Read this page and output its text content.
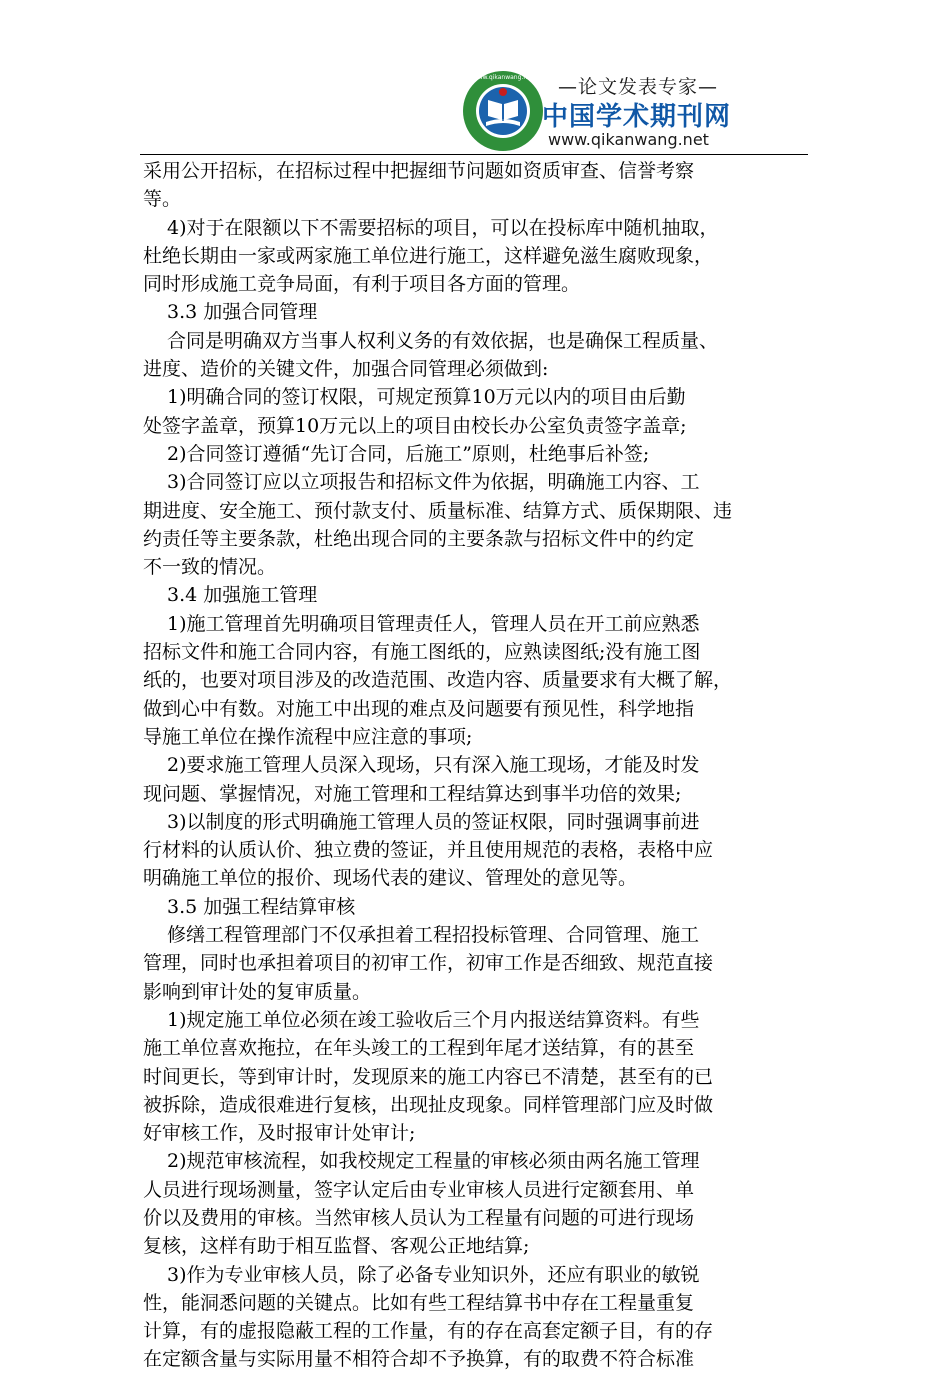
www.qikanwang.net —论文发表专家—
中国学术期刊网
www.qikanwang.net
采用公开招标，在招标过程中把握细节问题如资质审查、信誉考察
等。
4)对于在限额以下不需要招标的项目，可以在投标库中随机抽取，
杜绝长期由一家或两家施工单位进行施工，这样避免滋生腐败现象，
同时形成施工竞争局面，有利于项目各方面的管理。
3.3 加强合同管理
合同是明确双方当事人权利义务的有效依据，也是确保工程质量、
进度、造价的关键文件，加强合同管理必须做到:
1)明确合同的签订权限，可规定预算10万元以内的项目由后勤
处签字盖章，预算10万元以上的项目由校长办公室负责签字盖章;
2)合同签订遵循“先订合同，后施工”原则，杜绝事后补签;
3)合同签订应以立项报告和招标文件为依据，明确施工内容、工
期进度、安全施工、预付款支付、质量标准、结算方式、质保期限、违
约责任等主要条款，杜绝出现合同的主要条款与招标文件中的约定
不一致的情况。
3.4 加强施工管理
1)施工管理首先明确项目管理责任人，管理人员在开工前应熟悉
招标文件和施工合同内容，有施工图纸的，应熟读图纸;没有施工图
纸的，也要对项目涉及的改造范围、改造内容、质量要求有大概了解，
做到心中有数。对施工中出现的难点及问题要有预见性，科学地指
导施工单位在操作流程中应注意的事项;
2)要求施工管理人员深入现场，只有深入施工现场，才能及时发
现问题、掌握情况，对施工管理和工程结算达到事半功倍的效果;
3)以制度的形式明确施工管理人员的签证权限，同时强调事前进
行材料的认质认价、独立费的签证，并且使用规范的表格，表格中应
明确施工单位的报价、现场代表的建议、管理处的意见等。
3.5 加强工程结算审核
修缮工程管理部门不仅承担着工程招投标管理、合同管理、施工
管理，同时也承担着项目的初审工作，初审工作是否细致、规范直接
影响到审计处的复审质量。
1)规定施工单位必须在竣工验收后三个月内报送结算资料。有些
施工单位喜欢拖拉，在年头竣工的工程到年尾才送结算，有的甚至
时间更长，等到审计时，发现原来的施工内容已不清楚，甚至有的已
被拆除，造成很难进行复核，出现扯皮现象。同样管理部门应及时做
好审核工作，及时报审计处审计;
2)规范审核流程，如我校规定工程量的审核必须由两名施工管理
人员进行现场测量，签字认定后由专业审核人员进行定额套用、单
价以及费用的审核。当然审核人员认为工程量有问题的可进行现场
复核，这样有助于相互监督、客观公正地结算;
3)作为专业审核人员，除了必备专业知识外，还应有职业的敏锐
性，能洞悉问题的关键点。比如有些工程结算书中存在工程量重复
计算，有的虚报隐蔽工程的工作量，有的存在高套定额子目，有的存
在定额含量与实际用量不相符合却不予换算，有的取费不符合标准
